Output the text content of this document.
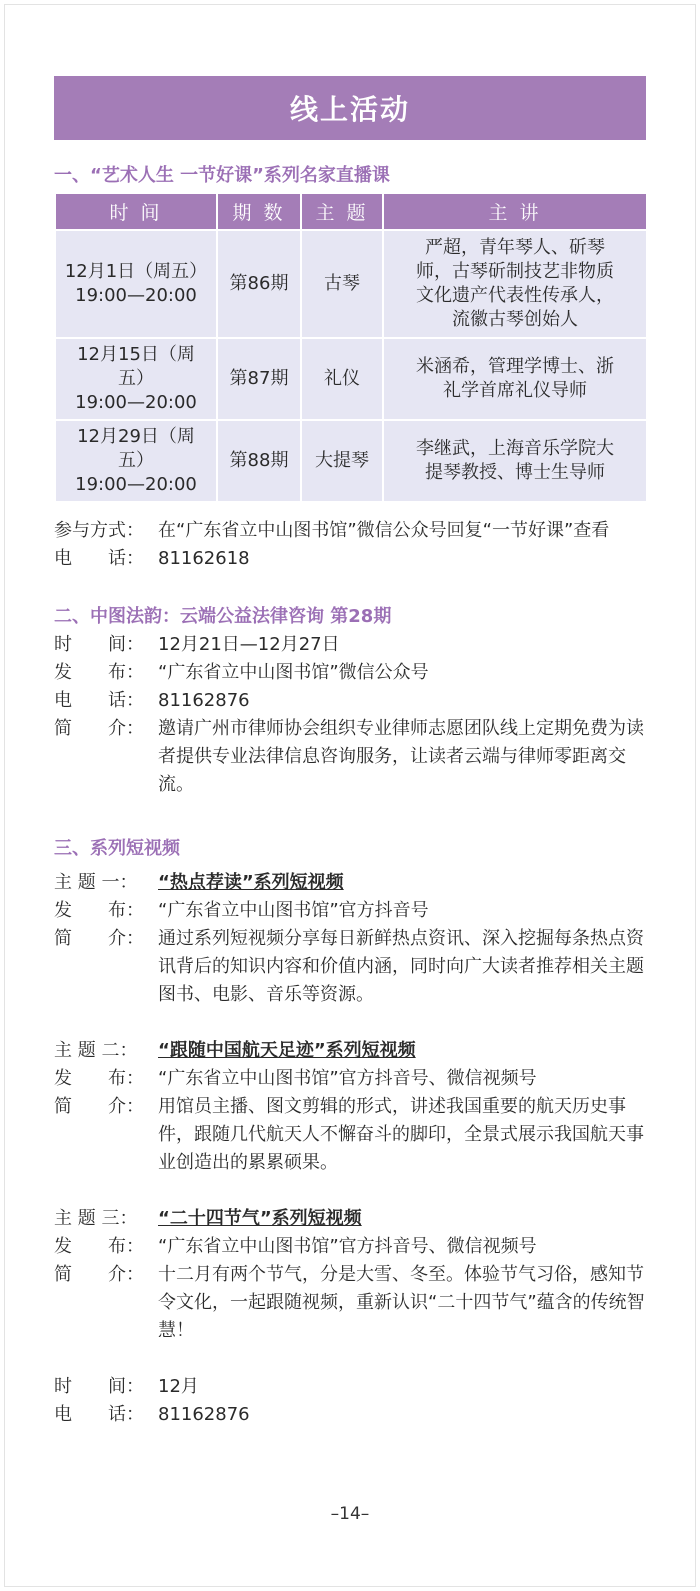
线上活动
一、“艺术人生 一节好课”系列名家直播课
时 间	期 数	主 题	主 讲
12月1日（周五）
19:00—20:00	第86期	古琴	严超，青年琴人、斫琴
师，古琴斫制技艺非物质
文化遗产代表性传承人，
流徽古琴创始人
12月15日（周五）
19:00—20:00	第87期	礼仪	米涵希，管理学博士、浙
礼学首席礼仪导师
12月29日（周五）
19:00—20:00	第88期	大提琴	李继武，上海音乐学院大
提琴教授、博士生导师
参与方式： 在“广东省立中山图书馆”微信公众号回复“一节好课”查看
电　　话： 81162618
二、中图法韵：云端公益法律咨询 第28期
时　　间： 12月21日—12月27日
发　　布： “广东省立中山图书馆”微信公众号
电　　话： 81162876
简　　介： 邀请广州市律师协会组织专业律师志愿团队线上定期免费为读者提供专业法律信息咨询服务，让读者云端与律师零距离交流。
三、系列短视频
主 题 一：	“热点荐读”系列短视频
发　　布： “广东省立中山图书馆”官方抖音号
简　　介： 通过系列短视频分享每日新鲜热点资讯、深入挖掘每条热点资讯背后的知识内容和价值内涵，同时向广大读者推荐相关主题图书、电影、音乐等资源。
主 题 二：	“跟随中国航天足迹”系列短视频
发　　布： “广东省立中山图书馆”官方抖音号、微信视频号
简　　介： 用馆员主播、图文剪辑的形式，讲述我国重要的航天历史事件，跟随几代航天人不懈奋斗的脚印，全景式展示我国航天事业创造出的累累硕果。
主 题 三：	“二十四节气”系列短视频
发　　布： “广东省立中山图书馆”官方抖音号、微信视频号
简　　介： 十二月有两个节气，分是大雪、冬至。体验节气习俗，感知节令文化，一起跟随视频，重新认识“二十四节气”蕴含的传统智慧！
时　　间： 12月
电　　话： 81162876
–14–
